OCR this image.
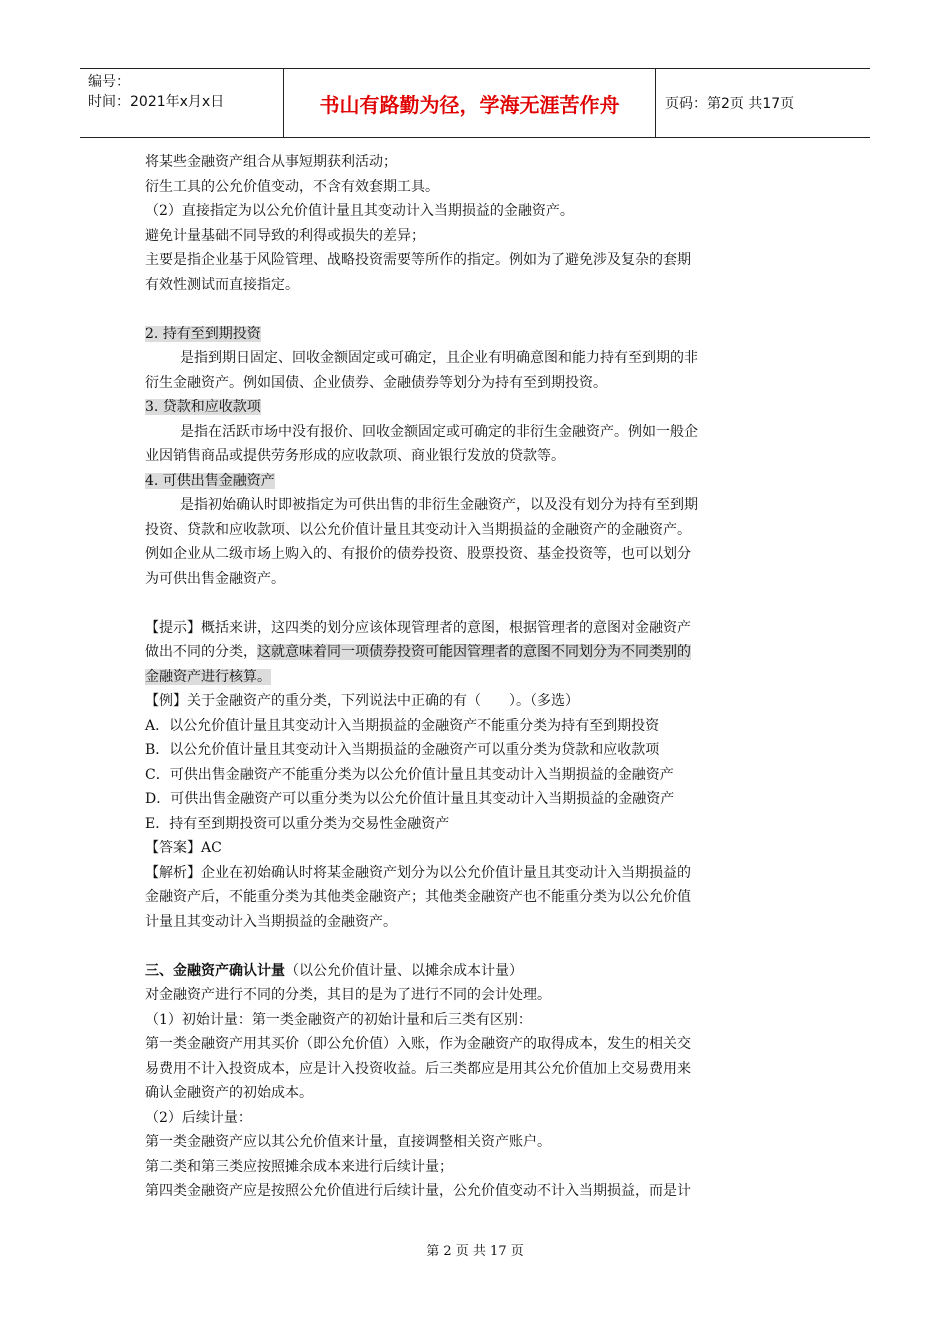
编号：
时间：2021年x月x日	书山有路勤为径，学海无涯苦作舟	页码：第2页 共17页

将某些金融资产组合从事短期获利活动；

衍生工具的公允价值变动，不含有效套期工具。

（2）直接指定为以公允价值计量且其变动计入当期损益的金融资产。

避免计量基础不同导致的利得或损失的差异；

主要是指企业基于风险管理、战略投资需要等所作的指定。例如为了避免涉及复杂的套期

有效性测试而直接指定。

2. 持有至到期投资

是指到期日固定、回收金额固定或可确定，且企业有明确意图和能力持有至到期的非

衍生金融资产。例如国债、企业债券、金融债券等划分为持有至到期投资。

3. 贷款和应收款项

是指在活跃市场中没有报价、回收金额固定或可确定的非衍生金融资产。例如一般企

业因销售商品或提供劳务形成的应收款项、商业银行发放的贷款等。

4. 可供出售金融资产

是指初始确认时即被指定为可供出售的非衍生金融资产，以及没有划分为持有至到期

投资、贷款和应收款项、以公允价值计量且其变动计入当期损益的金融资产的金融资产。

例如企业从二级市场上购入的、有报价的债券投资、股票投资、基金投资等，也可以划分

为可供出售金融资产。

【提示】概括来讲，这四类的划分应该体现管理者的意图，根据管理者的意图对金融资产

做出不同的分类，这就意味着同一项债券投资可能因管理者的意图不同划分为不同类别的

金融资产进行核算。

【例】关于金融资产的重分类，下列说法中正确的有（　　）。（多选）

A．以公允价值计量且其变动计入当期损益的金融资产不能重分类为持有至到期投资

B．以公允价值计量且其变动计入当期损益的金融资产可以重分类为贷款和应收款项

C．可供出售金融资产不能重分类为以公允价值计量且其变动计入当期损益的金融资产

D．可供出售金融资产可以重分类为以公允价值计量且其变动计入当期损益的金融资产

E．持有至到期投资可以重分类为交易性金融资产

【答案】AC

【解析】企业在初始确认时将某金融资产划分为以公允价值计量且其变动计入当期损益的

金融资产后，不能重分类为其他类金融资产；其他类金融资产也不能重分类为以公允价值

计量且其变动计入当期损益的金融资产。

三、金融资产确认计量（以公允价值计量、以摊余成本计量）

对金融资产进行不同的分类，其目的是为了进行不同的会计处理。

（1）初始计量：第一类金融资产的初始计量和后三类有区别：

第一类金融资产用其买价（即公允价值）入账，作为金融资产的取得成本，发生的相关交

易费用不计入投资成本，应是计入投资收益。后三类都应是用其公允价值加上交易费用来

确认金融资产的初始成本。

（2）后续计量：

第一类金融资产应以其公允价值来计量，直接调整相关资产账户。

第二类和第三类应按照摊余成本来进行后续计量；

第四类金融资产应是按照公允价值进行后续计量，公允价值变动不计入当期损益，而是计

第 2 页 共 17 页
